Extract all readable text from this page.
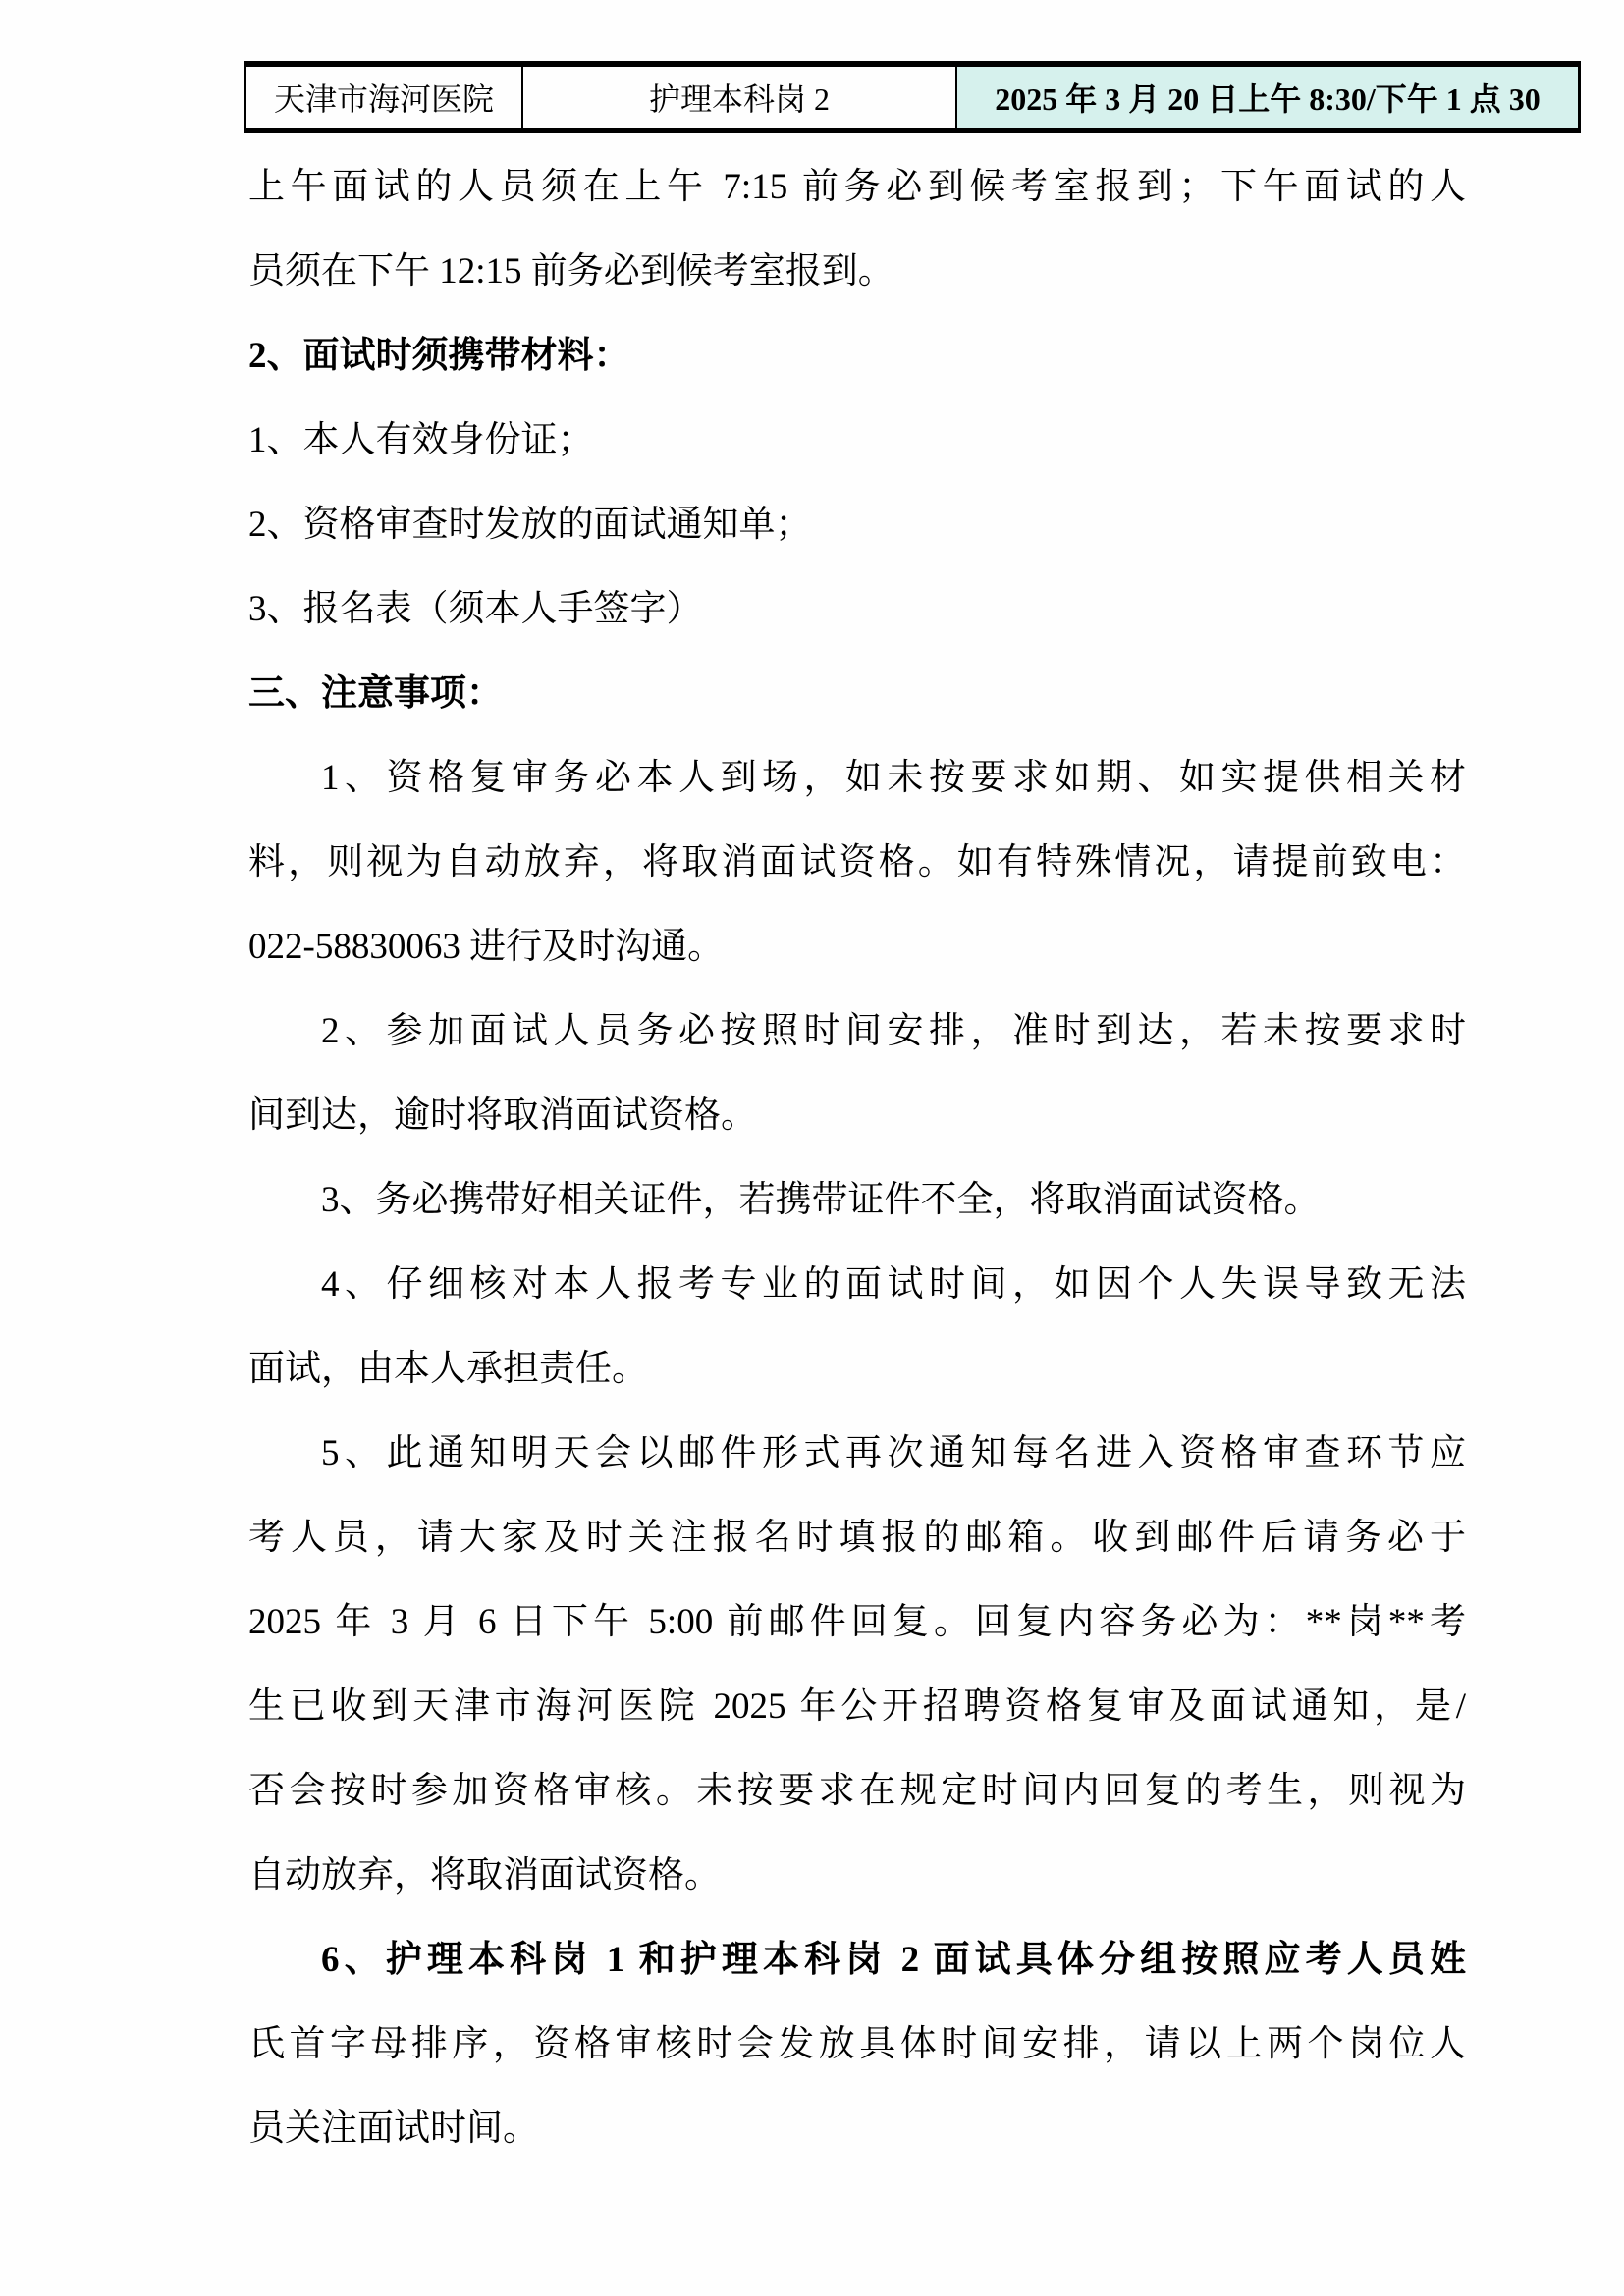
天津市海河医院	护理本科岗 2	2025 年 3 月 20 日上午 8:30/下午 1 点 30
上午面试的人员须在上午 7:15 前务必到候考室报到；下午面试的人
员须在下午 12:15 前务必到候考室报到。
2、面试时须携带材料：
1、本人有效身份证；
2、资格审查时发放的面试通知单；
3、报名表（须本人手签字）
三、注意事项：
1、资格复审务必本人到场，如未按要求如期、如实提供相关材
料，则视为自动放弃，将取消面试资格。如有特殊情况，请提前致电：
022-58830063 进行及时沟通。
2、参加面试人员务必按照时间安排，准时到达，若未按要求时
间到达，逾时将取消面试资格。
3、务必携带好相关证件，若携带证件不全，将取消面试资格。
4、仔细核对本人报考专业的面试时间，如因个人失误导致无法
面试，由本人承担责任。
5、此通知明天会以邮件形式再次通知每名进入资格审查环节应
考人员，请大家及时关注报名时填报的邮箱。收到邮件后请务必于
2025 年 3 月 6 日下午 5:00 前邮件回复。回复内容务必为：**岗**考
生已收到天津市海河医院 2025 年公开招聘资格复审及面试通知，是/
否会按时参加资格审核。未按要求在规定时间内回复的考生，则视为
自动放弃，将取消面试资格。
6、护理本科岗 1 和护理本科岗 2 面试具体分组按照应考人员姓
氏首字母排序，资格审核时会发放具体时间安排，请以上两个岗位人
员关注面试时间。
